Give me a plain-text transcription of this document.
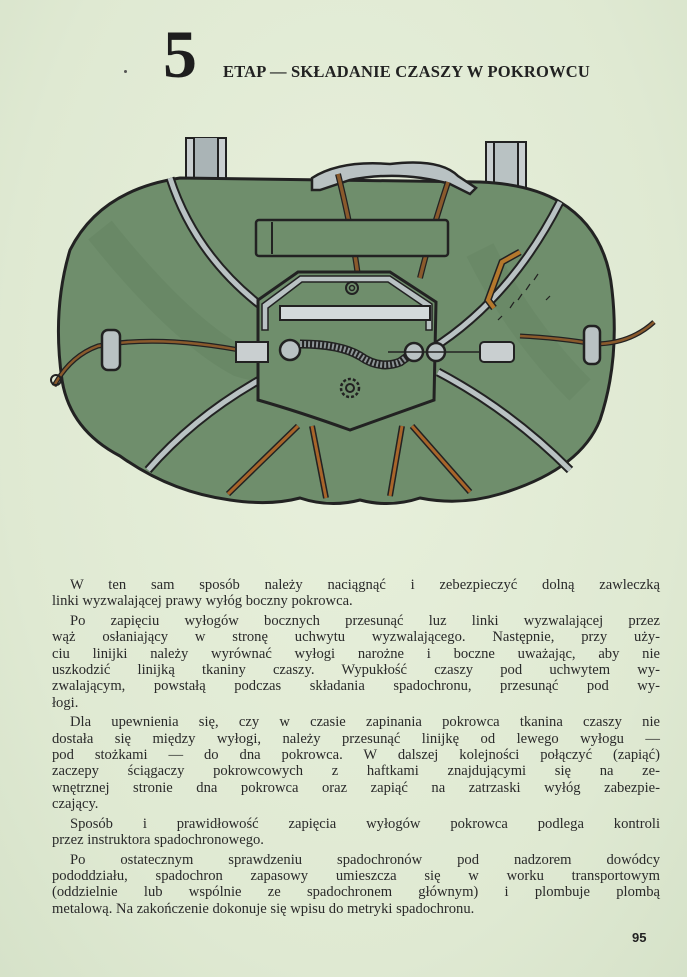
5 ETAP — SKŁADANIE CZASZY W POKROWCU

W ten sam sposób należy naciągnąć i zebezpieczyć dolną zawleczką
linki wyzwalającej prawy wyłóg boczny pokrowca.

Po zapięciu wyłogów bocznych przesunąć luz linki wyzwalającej przez
wąż osłaniający w stronę uchwytu wyzwalającego. Następnie, przy uży-
ciu linijki należy wyrównać wyłogi narożne i boczne uważając, aby nie
uszkodzić linijką tkaniny czaszy. Wypukłość czaszy pod uchwytem wy-
zwalającym, powstałą podczas składania spadochronu, przesunąć pod wy-
łogi.

Dla upewnienia się, czy w czasie zapinania pokrowca tkanina czaszy nie
dostała się między wyłogi, należy przesunąć linijkę od lewego wyłogu —
pod stożkami — do dna pokrowca. W dalszej kolejności połączyć (zapiąć)
zaczepy ściągaczy pokrowcowych z haftkami znajdującymi się na ze-
wnętrznej stronie dna pokrowca oraz zapiąć na zatrzaski wyłóg zabezpie-
czający.

Sposób i prawidłowość zapięcia wyłogów pokrowca podlega kontroli
przez instruktora spadochronowego.

Po ostatecznym sprawdzeniu spadochronów pod nadzorem dowódcy
pododdziału, spadochron zapasowy umieszcza się w worku transportowym
(oddzielnie lub wspólnie ze spadochronem głównym) i plombuje plombą
metalową. Na zakończenie dokonuje się wpisu do metryki spadochronu.

95
